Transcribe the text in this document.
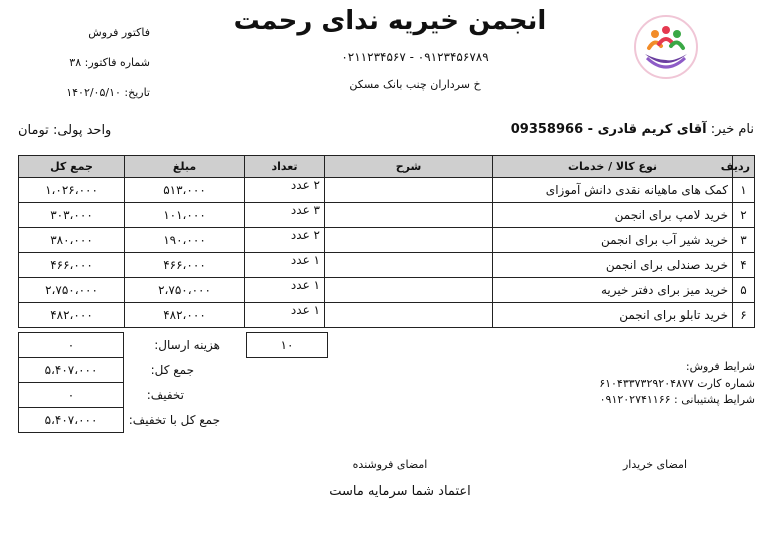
انجمن خیریه ندای رحمت
۰۲۱۱۲۳۴۵۶۷ - ۰۹۱۲۳۴۵۶۷۸۹
خ سرداران چنب بانک مسکن
فاکتور فروش
شماره فاکتور: ۳۸
تاریخ: ۱۴۰۲/۰۵/۱۰
واحد پولی: تومان	نام خیر: آقای کریم قادری - 09358966
ردیف	نوع کالا / خدمات	شرح	تعداد	مبلغ	جمع کل
۱	کمک های ماهیانه نقدی دانش آموزای		۲ عدد	۵۱۳،۰۰۰	۱،۰۲۶،۰۰۰
۲	خرید لامپ برای انجمن		۳ عدد	۱۰۱،۰۰۰	۳۰۳،۰۰۰
۳	خرید شیر آب برای انجمن		۲ عدد	۱۹۰،۰۰۰	۳۸۰،۰۰۰
۴	خرید صندلی برای انجمن		۱ عدد	۴۶۶،۰۰۰	۴۶۶،۰۰۰
۵	خرید میز برای دفتر خیریه		۱ عدد	۲،۷۵۰،۰۰۰	۲،۷۵۰،۰۰۰
۶	خرید تابلو برای انجمن		۱ عدد	۴۸۲،۰۰۰	۴۸۲،۰۰۰
۱۰
۰	هزینه ارسال:
۵،۴۰۷،۰۰۰	جمع کل:
۰	تخفیف:
۵،۴۰۷،۰۰۰	جمع کل با تخفیف:
شرایط فروش:
شماره کارت ۶۱۰۴۳۳۷۳۲۹۲۰۴۸۷۷
شرایط پشتیبانی : ۰۹۱۲۰۲۷۴۱۱۶۶
امضای خریدار
امضای فروشنده
اعتماد شما سرمایه ماست
